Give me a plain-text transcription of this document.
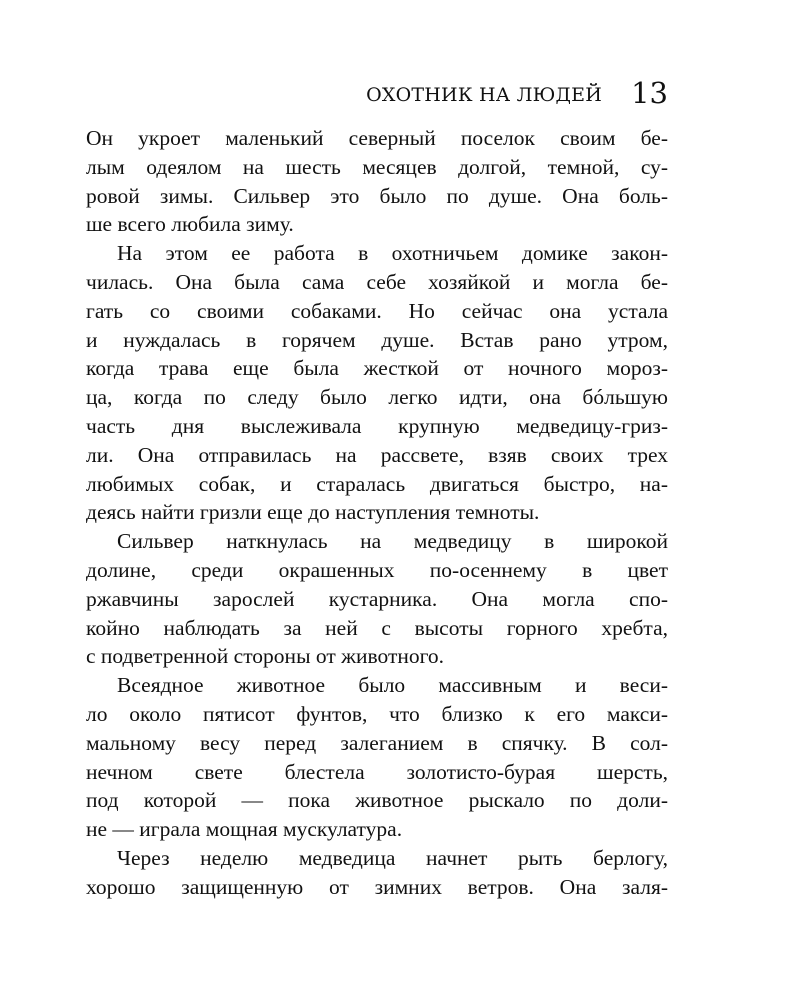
ОХОТНИК НА ЛЮДЕЙ 13
Он укроет маленький северный поселок своим бе-
лым одеялом на шесть месяцев долгой, темной, су-
ровой зимы. Сильвер это было по душе. Она боль-
ше всего любила зиму.
На этом ее работа в охотничьем домике закон-
чилась. Она была сама себе хозяйкой и могла бе-
гать со своими собаками. Но сейчас она устала
и нуждалась в горячем душе. Встав рано утром,
когда трава еще была жесткой от ночного мороз-
ца, когда по следу было легко идти, она бóльшую
часть дня выслеживала крупную медведицу-гриз-
ли. Она отправилась на рассвете, взяв своих трех
любимых собак, и старалась двигаться быстро, на-
деясь найти гризли еще до наступления темноты.
Сильвер наткнулась на медведицу в широкой
долине, среди окрашенных по-осеннему в цвет
ржавчины зарослей кустарника. Она могла спо-
койно наблюдать за ней с высоты горного хребта,
с подветренной стороны от животного.
Всеядное животное было массивным и веси-
ло около пятисот фунтов, что близко к его макси-
мальному весу перед залеганием в спячку. В сол-
нечном свете блестела золотисто-бурая шерсть,
под которой — пока животное рыскало по доли-
не — играла мощная мускулатура.
Через неделю медведица начнет рыть берлогу,
хорошо защищенную от зимних ветров. Она заля-
